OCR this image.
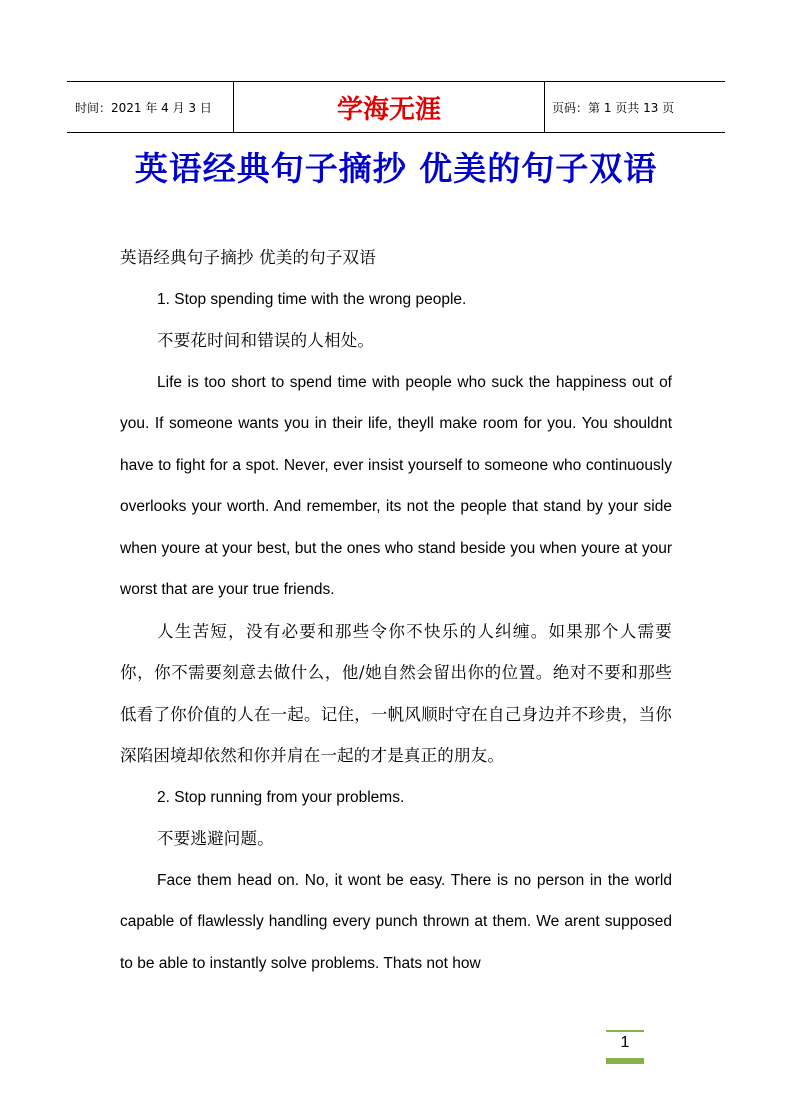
时间：2021 年 4 月 3 日	学海无涯	页码：第 1 页共 13 页
英语经典句子摘抄 优美的句子双语

英语经典句子摘抄 优美的句子双语

1. Stop spending time with the wrong people.

不要花时间和错误的人相处。

Life is too short to spend time with people who suck the happiness out of you. If someone wants you in their life, theyll make room for you. You shouldnt have to fight for a spot. Never, ever insist yourself to someone who continuously overlooks your worth. And remember, its not the people that stand by your side when youre at your best, but the ones who stand beside you when youre at your worst that are your true friends.

人生苦短，没有必要和那些令你不快乐的人纠缠。如果那个人需要你，你不需要刻意去做什么，他/她自然会留出你的位置。绝对不要和那些低看了你价值的人在一起。记住，一帆风顺时守在自己身边并不珍贵，当你深陷困境却依然和你并肩在一起的才是真正的朋友。

2. Stop running from your problems.

不要逃避问题。

Face them head on. No, it wont be easy. There is no person in the world capable of flawlessly handling every punch thrown at them. We arent supposed to be able to instantly solve problems. Thats not how

1
